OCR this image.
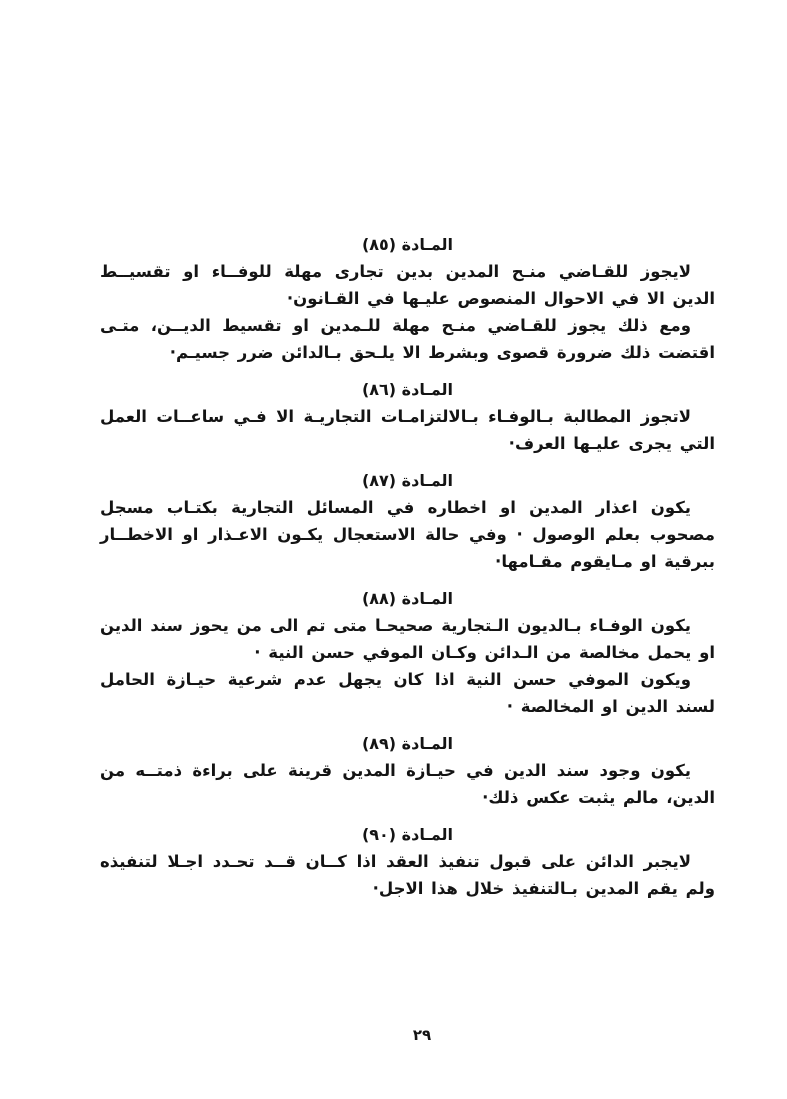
المـادة (٨٥)

لايجوز للقـاضي منـح المدين بدين تجارى مهلة للوفــاء او تقسيــط الدين الا في الاحوال المنصوص عليـها في القـانون·

ومع ذلك يجوز للقـاضي منـح مهلة للـمدين او تقسيط الديــن، متـى اقتضت ذلك ضرورة قصوى وبشرط الا يلـحق بـالدائن ضرر جسيـم·

المـادة (٨٦)

لاتجوز المطالبة بـالوفـاء بـالالتزامـات التجاريـة الا فـي ساعــات العمل التي يجرى عليـها العرف·

المـادة (٨٧)

يكون اعذار المدين او اخطاره في المسائل التجارية بكتـاب مسجل مصحوب بعلم الوصول · وفي حالة الاستعجال يكـون الاعـذار او الاخطــار ببرقية او مـايقوم مقـامها·

المـادة (٨٨)

يكون الوفـاء بـالديون الـتجارية صحيحـا متى تم الى من يحوز سند الدين او يحمل مخالصة من الـدائن وكـان الموفي حسن النية ·

ويكون الموفي حسن النية اذا كان يجهل عدم شرعية حيـازة الحامل لسند الدين او المخالصة ·

المـادة (٨٩)

يكون وجود سند الدين في حيـازة المدين قرينة على براءة ذمتــه من الدين، مالم يثبت عكس ذلك·

المـادة (٩٠)

لايجبر الدائن على قبول تنفيذ العقد اذا كــان قــد تحـدد اجـلا لتنفيذه ولم يقم المدين بـالتنفيذ خلال هذا الاجل·

٢٩
